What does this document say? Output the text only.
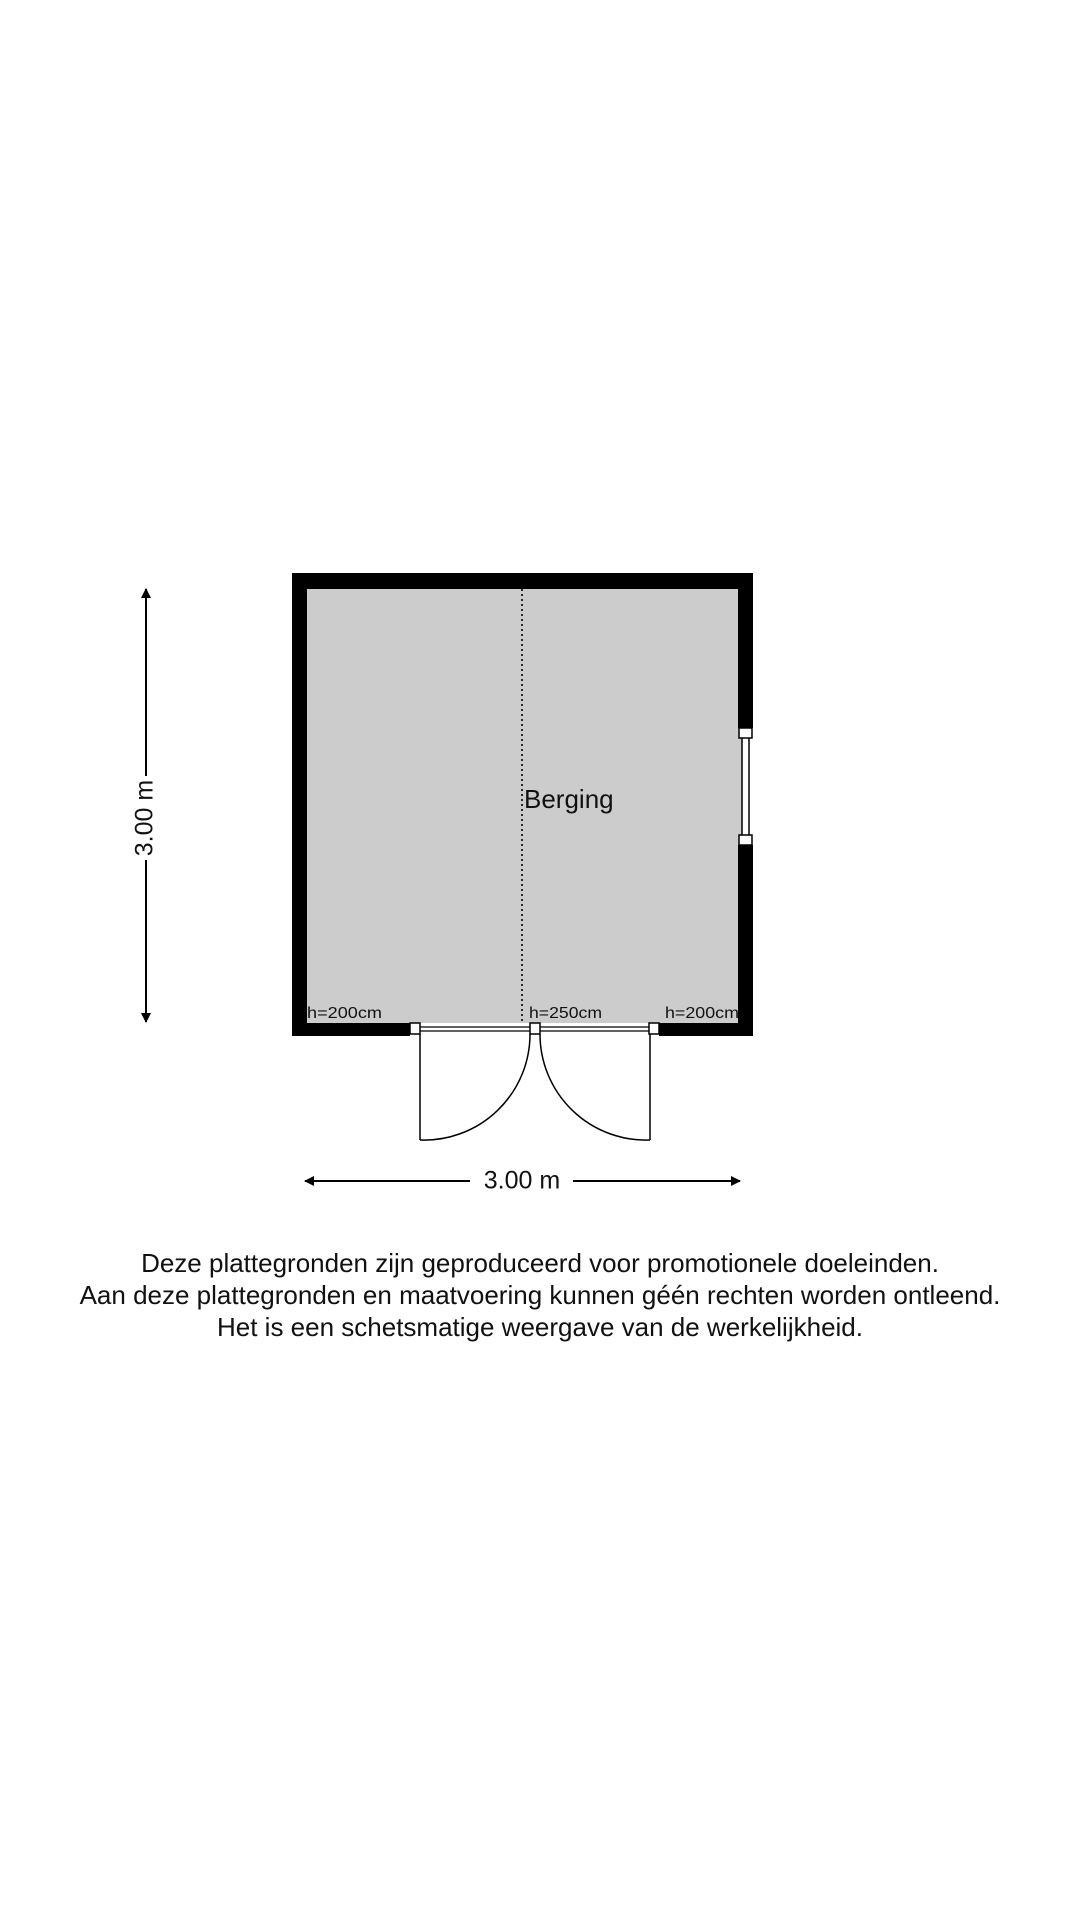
Berging
h=200cm	h=250cm	h=200cm
3.00 m
3.00 m
Deze plattegronden zijn geproduceerd voor promotionele doeleinden.
Aan deze plattegronden en maatvoering kunnen géén rechten worden ontleend.
Het is een schetsmatige weergave van de werkelijkheid.
